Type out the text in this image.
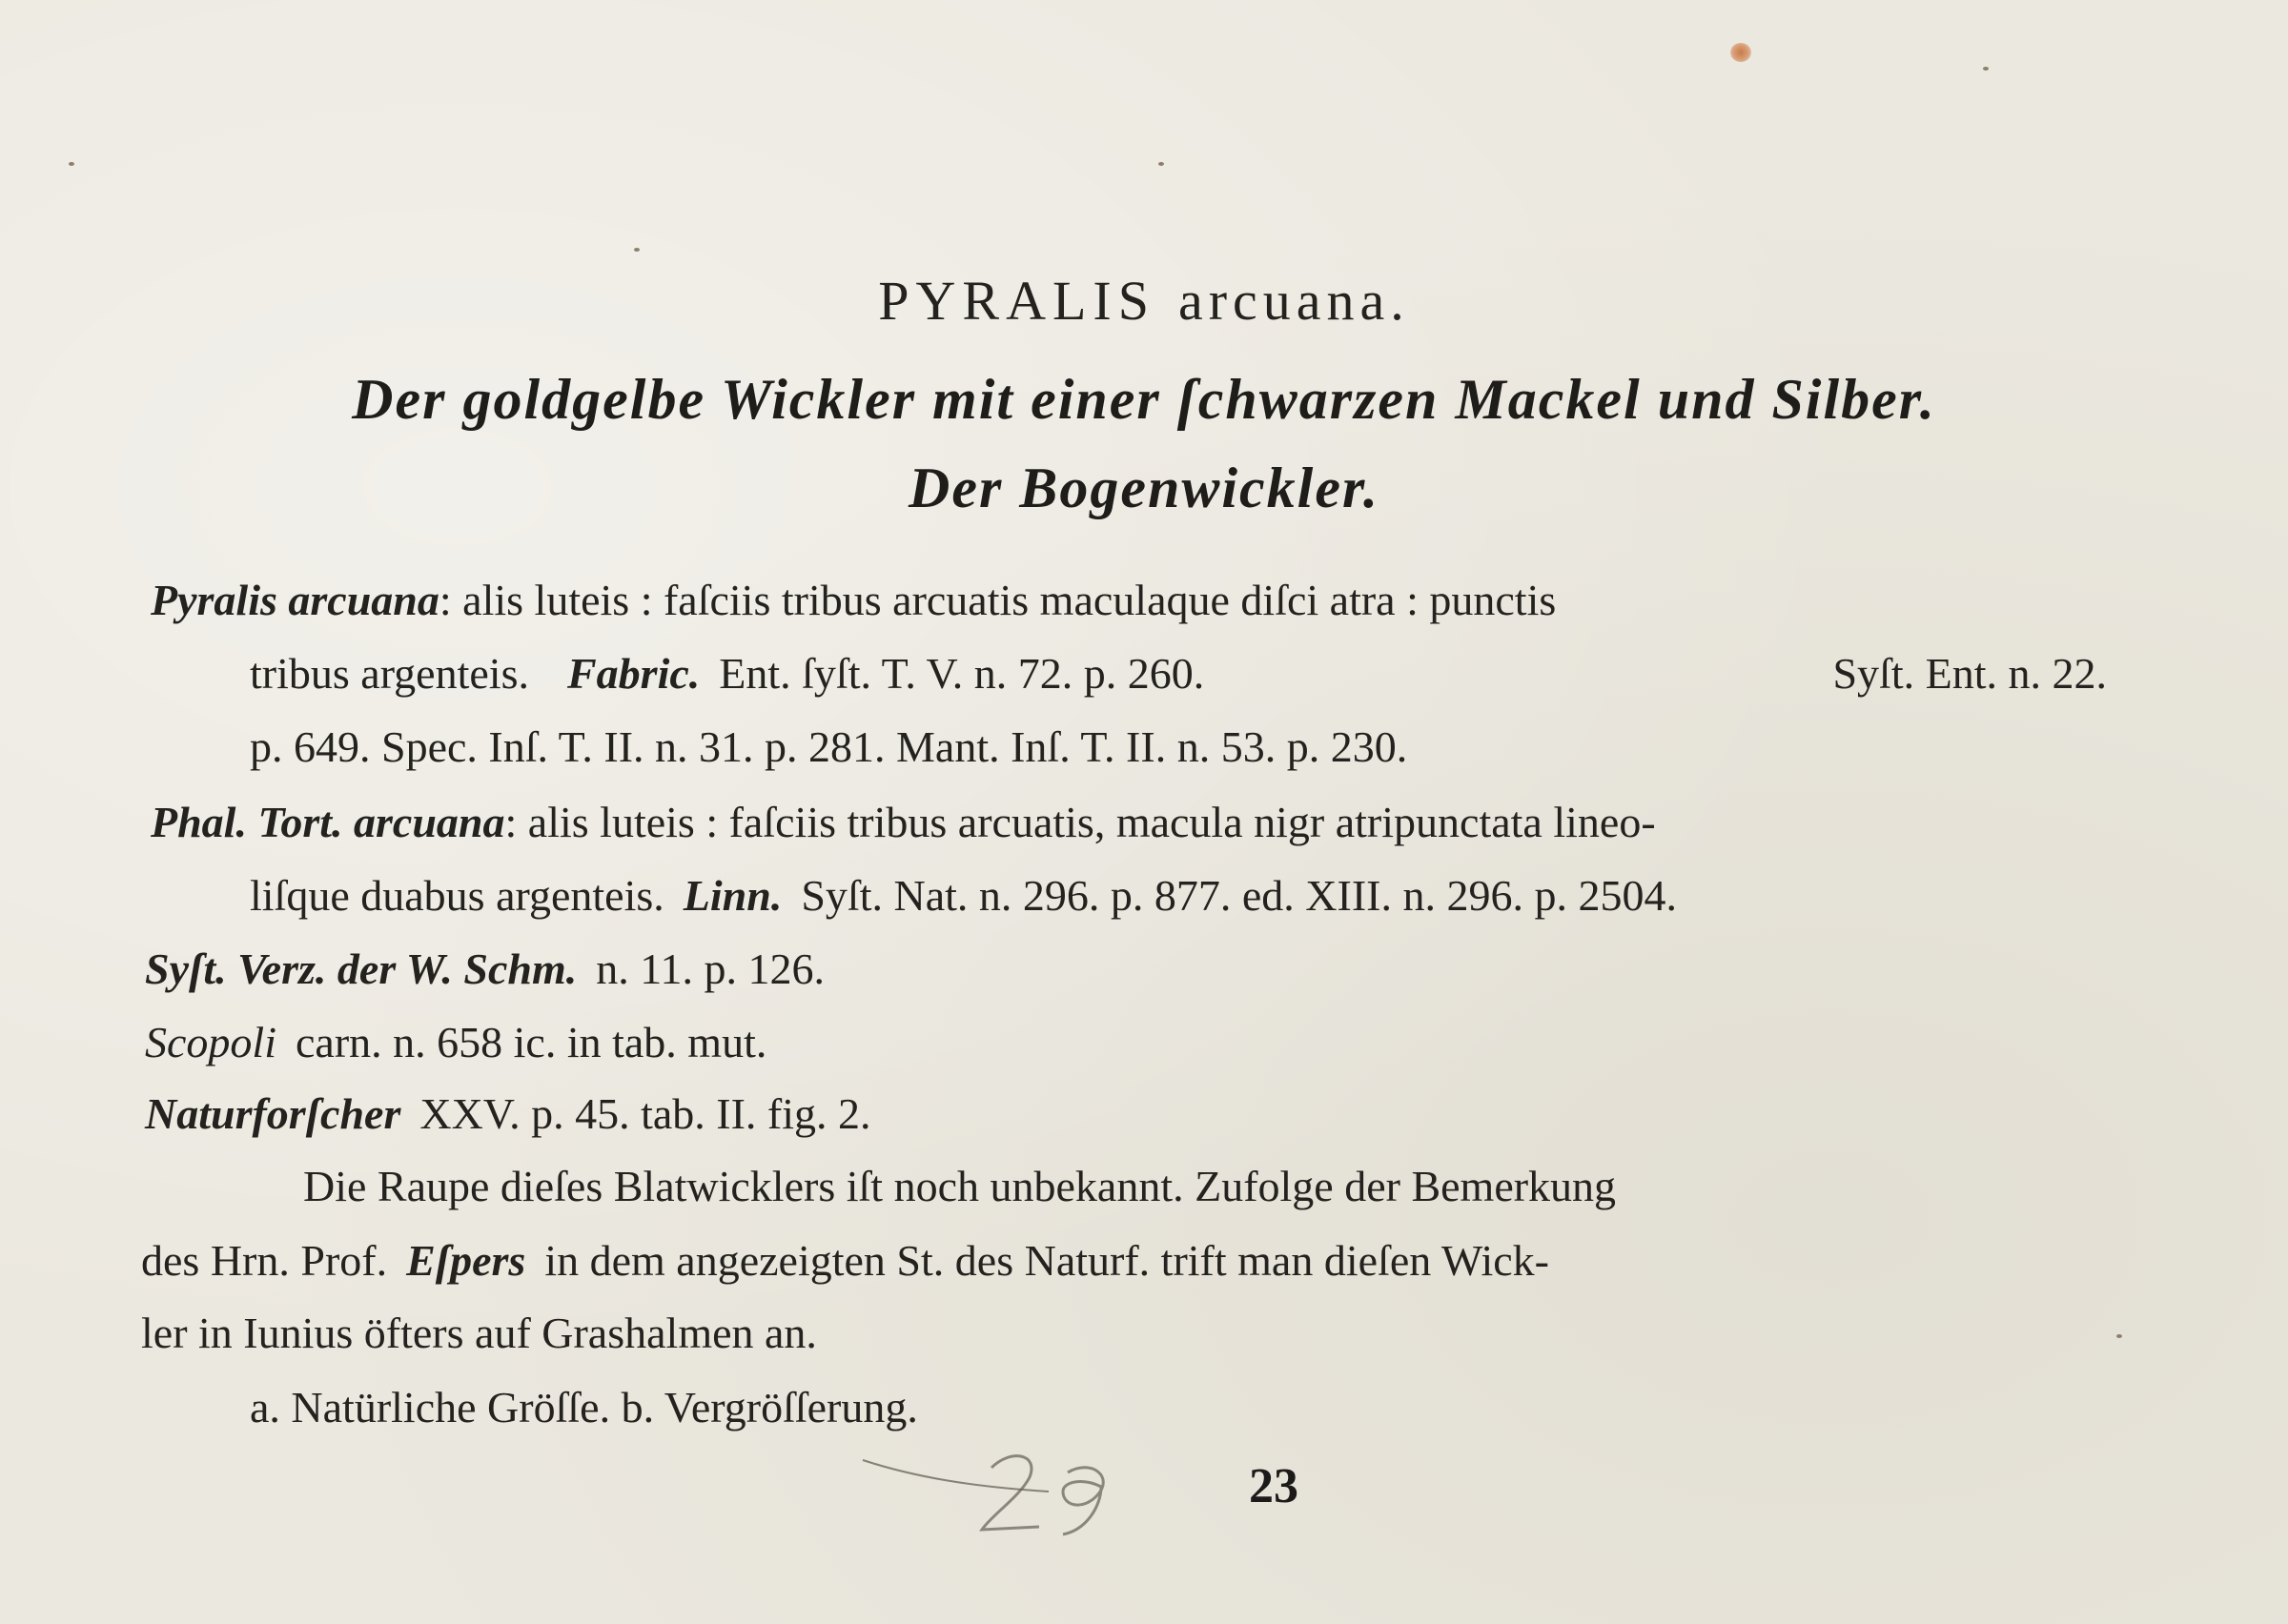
PYRALIS arcuana.
Der goldgelbe Wickler mit einer ſchwarzen Mackel und Silber.
Der Bogenwickler.
Pyralis arcuana: alis luteis : faſciis tribus arcuatis maculaque diſci atra : punctis
tribus argenteis. Fabric. Ent. ſyſt. T. V. n. 72. p. 260.	Syſt. Ent. n. 22.
p. 649. Spec. Inſ. T. II. n. 31. p. 281. Mant. Inſ. T. II. n. 53. p. 230.
Phal. Tort. arcuana: alis luteis : faſciis tribus arcuatis, macula nigr atripunctata lineo-
liſque duabus argenteis. Linn. Syſt. Nat. n. 296. p. 877. ed. XIII. n. 296. p. 2504.
Syſt. Verz. der W. Schm. n. 11. p. 126.
Scopoli carn. n. 658 ic. in tab. mut.
Naturforſcher XXV. p. 45. tab. II. fig. 2.
Die Raupe dieſes Blatwicklers iſt noch unbekannt. Zufolge der Bemerkung
des Hrn. Prof. Eſpers in dem angezeigten St. des Naturf. trift man dieſen Wick-
ler in Iunius öfters auf Grashalmen an.
a. Natürliche Gröſſe. b. Vergröſſerung.
23
